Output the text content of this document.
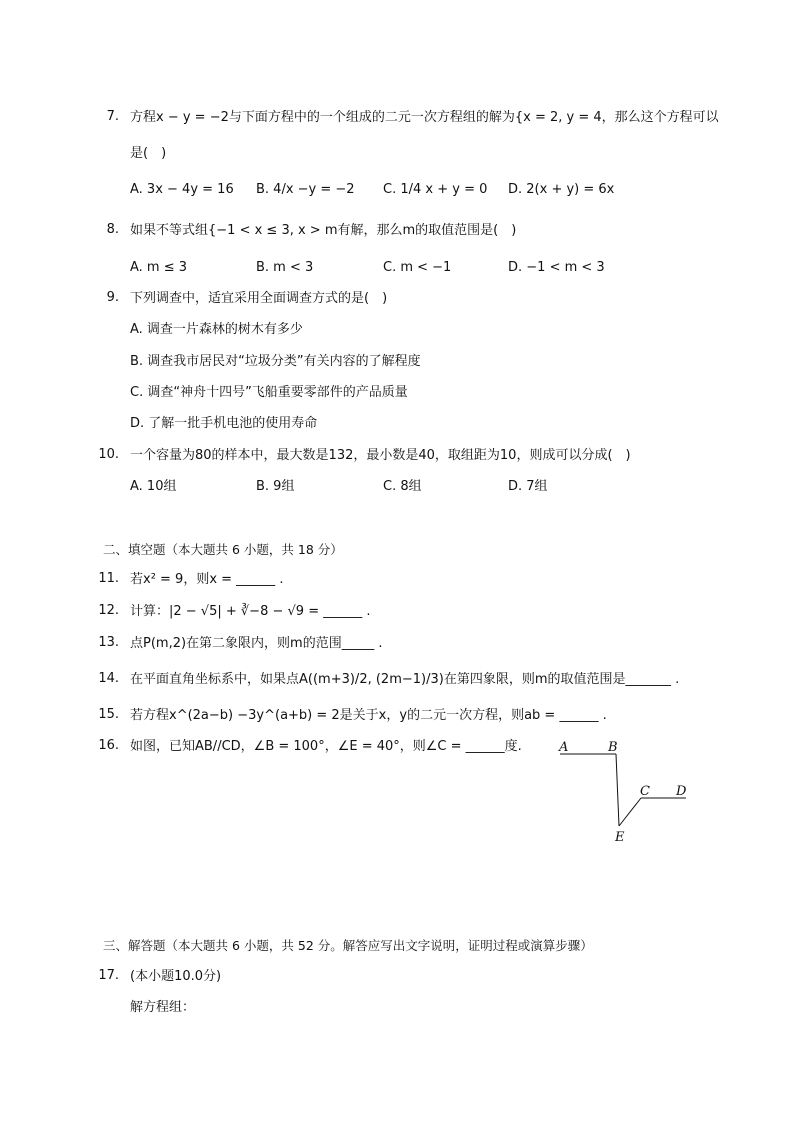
7. 方程x − y = −2与下面方程中的一个组成的二元一次方程组的解为{x = 2, y = 4，那么这个方程可以
是(　)
A. 3x − 4y = 16 B. 4/x −y = −2 C. 1/4 x + y = 0 D. 2(x + y) = 6x
8. 如果不等式组{−1 < x ≤ 3, x > m有解，那么m的取值范围是(　)
A. m ≤ 3	B. m < 3	C. m < −1	D. −1 < m < 3
9. 下列调查中，适宜采用全面调查方式的是(　)
A. 调查一片森林的树木有多少
B. 调查我市居民对“垃圾分类”有关内容的了解程度
C. 调查“神舟十四号”飞船重要零部件的产品质量
D. 了解一批手机电池的使用寿命
10. 一个容量为80的样本中，最大数是132，最小数是40，取组距为10，则成可以分成(　)
A. 10组	B. 9组	C. 8组	D. 7组
二、填空题（本大题共 6 小题，共 18 分）
11. 若x² = 9，则x = ______ .
12. 计算：|2 − √5| + ∛−8 − √9 = ______ .
13. 点P(m,2)在第二象限内，则m的范围_____ .
14. 在平面直角坐标系中，如果点A((m+3)/2, (2m−1)/3)在第四象限，则m的取值范围是_______ .
15. 若方程x^(2a−b) −3y^(a+b) = 2是关于x，y的二元一次方程，则ab = ______ .
16. 如图，已知AB//CD，∠B = 100°，∠E = 40°，则∠C = ______度.	A	B
C D
E
三、解答题（本大题共 6 小题，共 52 分。解答应写出文字说明，证明过程或演算步骤）
17. (本小题10.0分)
解方程组：
